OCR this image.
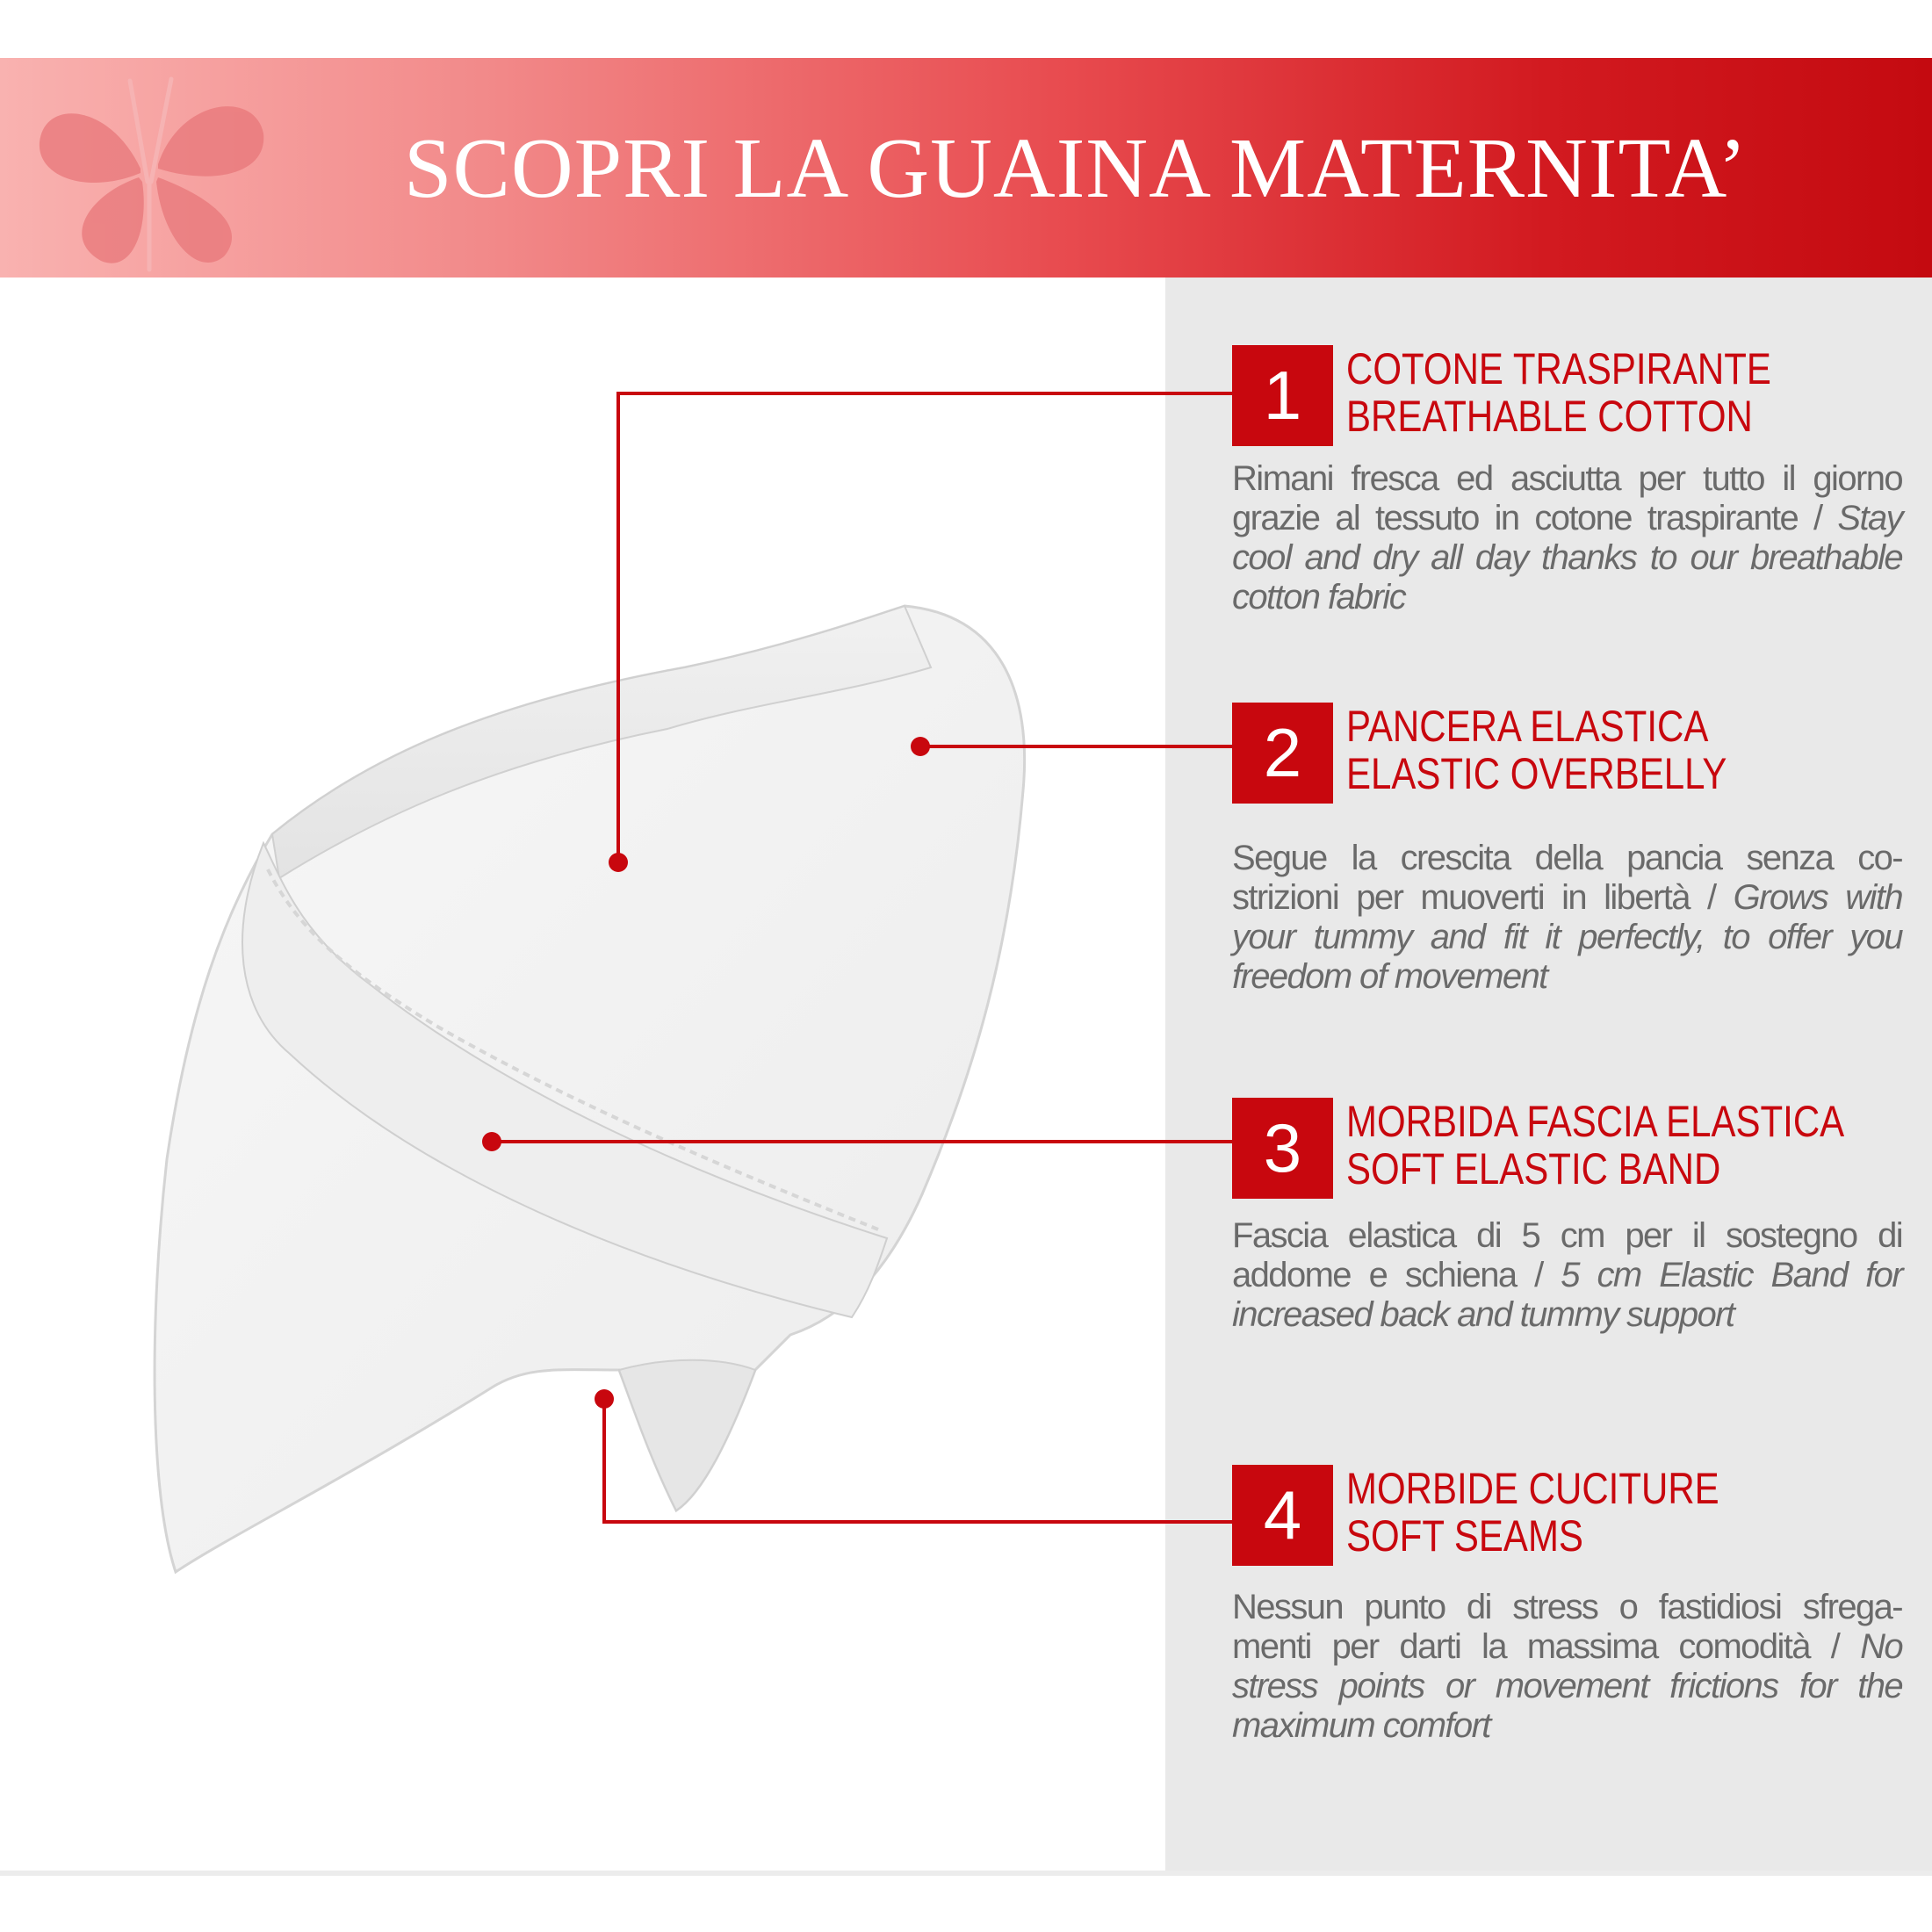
SCOPRI LA GUAINA MATERNITA’
1	COTONE TRASPIRANTE
BREATHABLE COTTON

Rimani fresca ed asciutta per tutto il giorno grazie al tessuto in cotone traspirante / Stay cool and dry all day thanks to our breathable cotton fabric

2	PANCERA ELASTICA
ELASTIC OVERBELLY

Segue la crescita della pancia senza co-strizioni per muoverti in libertà / Grows with your tummy and fit it perfectly, to offer you freedom of movement

3	MORBIDA FASCIA ELASTICA
SOFT ELASTIC BAND

Fascia elastica di 5 cm per il sostegno di addome e schiena / 5 cm Elastic Band for increased back and tummy support

4	MORBIDE CUCITURE
SOFT SEAMS

Nessun punto di stress o fastidiosi sfrega-menti per darti la massima comodità / No stress points or movement frictions for the maximum comfort
